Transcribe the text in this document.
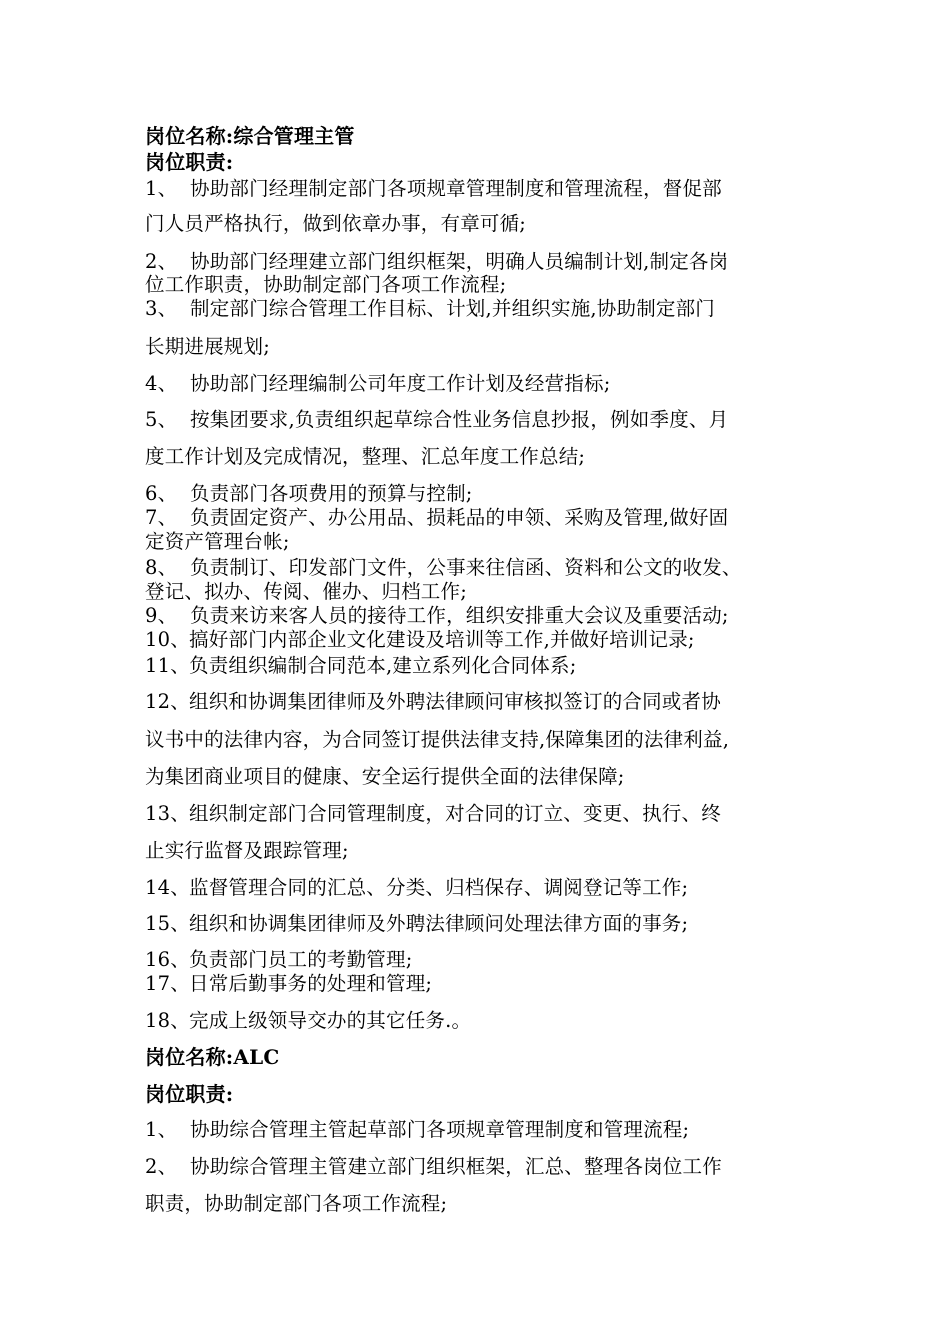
岗位名称:综合管理主管
岗位职责:
1、 协助部门经理制定部门各项规章管理制度和管理流程，督促部
门人员严格执行，做到依章办事，有章可循;
2、 协助部门经理建立部门组织框架，明确人员编制计划,制定各岗
位工作职责，协助制定部门各项工作流程;
3、 制定部门综合管理工作目标、计划,并组织实施,协助制定部门
长期进展规划;
4、 协助部门经理编制公司年度工作计划及经营指标;
5、 按集团要求,负责组织起草综合性业务信息抄报，例如季度、月
度工作计划及完成情况，整理、汇总年度工作总结;
6、 负责部门各项费用的预算与控制;
7、 负责固定资产、办公用品、损耗品的申领、采购及管理,做好固
定资产管理台帐;
8、 负责制订、印发部门文件，公事来往信函、资料和公文的收发、
登记、拟办、传阅、催办、归档工作;
9、 负责来访来客人员的接待工作，组织安排重大会议及重要活动;
10、搞好部门内部企业文化建设及培训等工作,并做好培训记录;
11、负责组织编制合同范本,建立系列化合同体系;
12、组织和协调集团律师及外聘法律顾问审核拟签订的合同或者协
议书中的法律内容，为合同签订提供法律支持,保障集团的法律利益,
为集团商业项目的健康、安全运行提供全面的法律保障;
13、组织制定部门合同管理制度，对合同的订立、变更、执行、终
止实行监督及跟踪管理;
14、监督管理合同的汇总、分类、归档保存、调阅登记等工作;
15、组织和协调集团律师及外聘法律顾问处理法律方面的事务;
16、负责部门员工的考勤管理;
17、日常后勤事务的处理和管理;
18、完成上级领导交办的其它任务.。
岗位名称:ALC
岗位职责:
1、 协助综合管理主管起草部门各项规章管理制度和管理流程;
2、 协助综合管理主管建立部门组织框架，汇总、整理各岗位工作
职责，协助制定部门各项工作流程;
